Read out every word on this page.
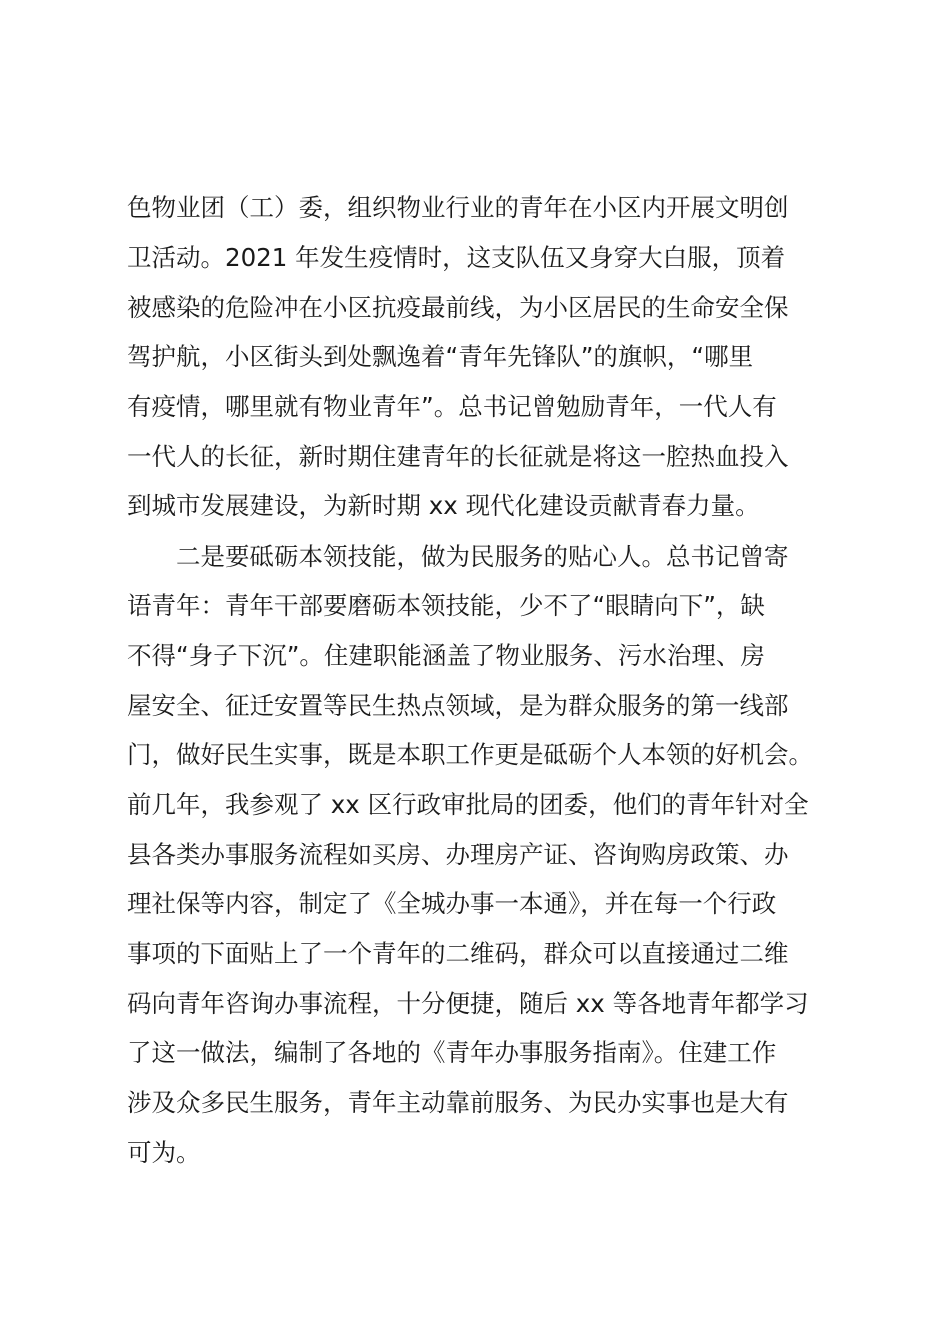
色物业团（工）委，组织物业行业的青年在小区内开展文明创
卫活动。2021 年发生疫情时，这支队伍又身穿大白服，顶着
被感染的危险冲在小区抗疫最前线，为小区居民的生命安全保
驾护航，小区街头到处飘逸着“青年先锋队”的旗帜，“哪里
有疫情，哪里就有物业青年”。总书记曾勉励青年，一代人有
一代人的长征，新时期住建青年的长征就是将这一腔热血投入
到城市发展建设，为新时期 xx 现代化建设贡献青春力量。
二是要砥砺本领技能，做为民服务的贴心人。总书记曾寄
语青年：青年干部要磨砺本领技能，少不了“眼睛向下”，缺
不得“身子下沉”。住建职能涵盖了物业服务、污水治理、房
屋安全、征迁安置等民生热点领域，是为群众服务的第一线部
门，做好民生实事，既是本职工作更是砥砺个人本领的好机会。
前几年，我参观了 xx 区行政审批局的团委，他们的青年针对全
县各类办事服务流程如买房、办理房产证、咨询购房政策、办
理社保等内容，制定了《全城办事一本通》，并在每一个行政
事项的下面贴上了一个青年的二维码，群众可以直接通过二维
码向青年咨询办事流程，十分便捷，随后 xx 等各地青年都学习
了这一做法，编制了各地的《青年办事服务指南》。住建工作
涉及众多民生服务，青年主动靠前服务、为民办实事也是大有
可为。
